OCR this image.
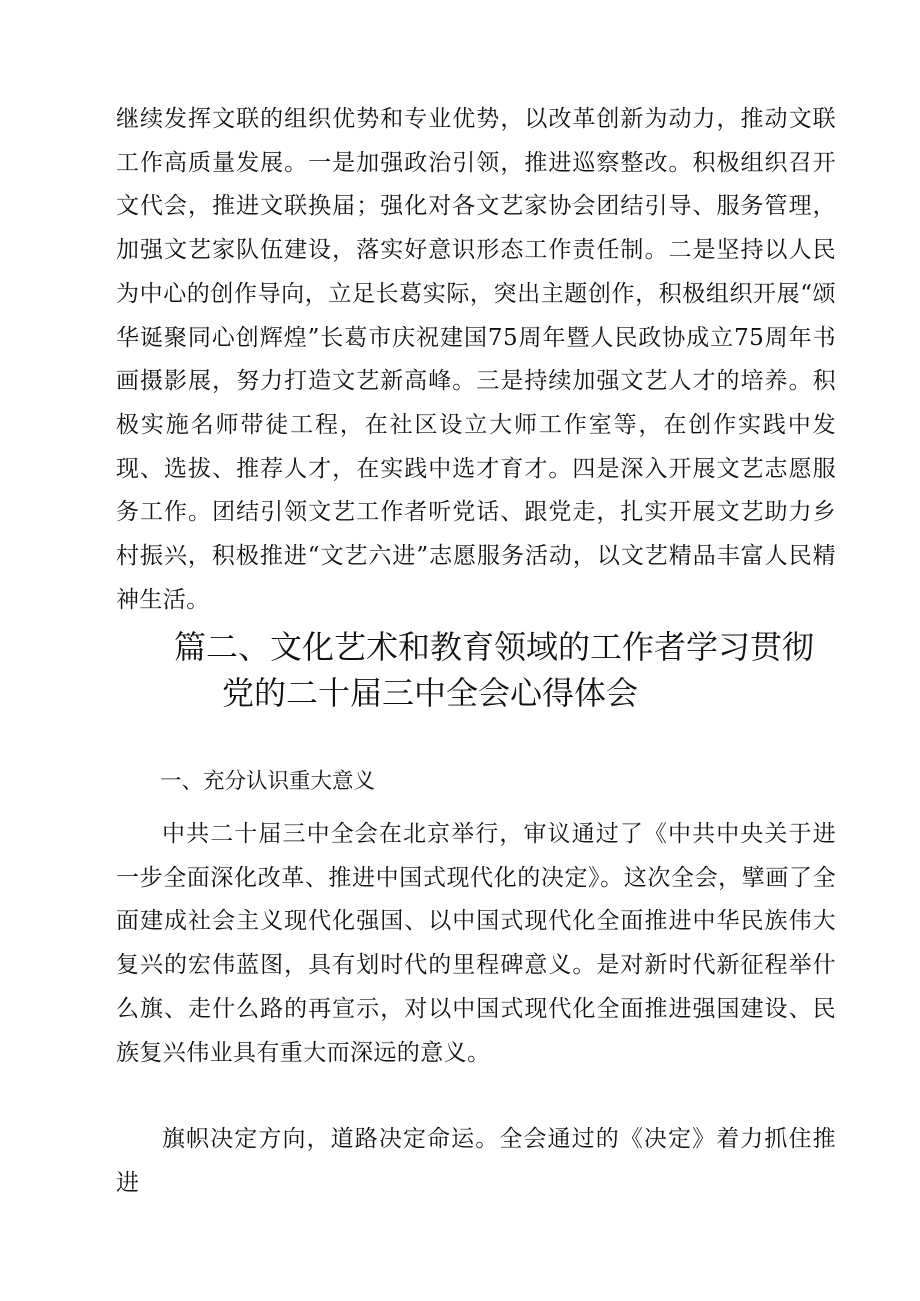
继续发挥文联的组织优势和专业优势，以改革创新为动力，推动文联工作高质量发展。一是加强政治引领，推进巡察整改。积极组织召开文代会，推进文联换届；强化对各文艺家协会团结引导、服务管理，加强文艺家队伍建设，落实好意识形态工作责任制。二是坚持以人民为中心的创作导向，立足长葛实际，突出主题创作，积极组织开展“颂华诞聚同心创辉煌”长葛市庆祝建国75周年暨人民政协成立75周年书画摄影展，努力打造文艺新高峰。三是持续加强文艺人才的培养。积极实施名师带徒工程，在社区设立大师工作室等，在创作实践中发现、选拔、推荐人才，在实践中选才育才。四是深入开展文艺志愿服务工作。团结引领文艺工作者听党话、跟党走，扎实开展文艺助力乡村振兴，积极推进“文艺六进”志愿服务活动，以文艺精品丰富人民精神生活。

篇二、文化艺术和教育领域的工作者学习贯彻
党的二十届三中全会心得体会
一、充分认识重大意义

中共二十届三中全会在北京举行，审议通过了《中共中央关于进一步全面深化改革、推进中国式现代化的决定》。这次全会，擘画了全面建成社会主义现代化强国、以中国式现代化全面推进中华民族伟大复兴的宏伟蓝图，具有划时代的里程碑意义。是对新时代新征程举什么旗、走什么路的再宣示，对以中国式现代化全面推进强国建设、民族复兴伟业具有重大而深远的意义。

旗帜决定方向，道路决定命运。全会通过的《决定》着力抓住推进
